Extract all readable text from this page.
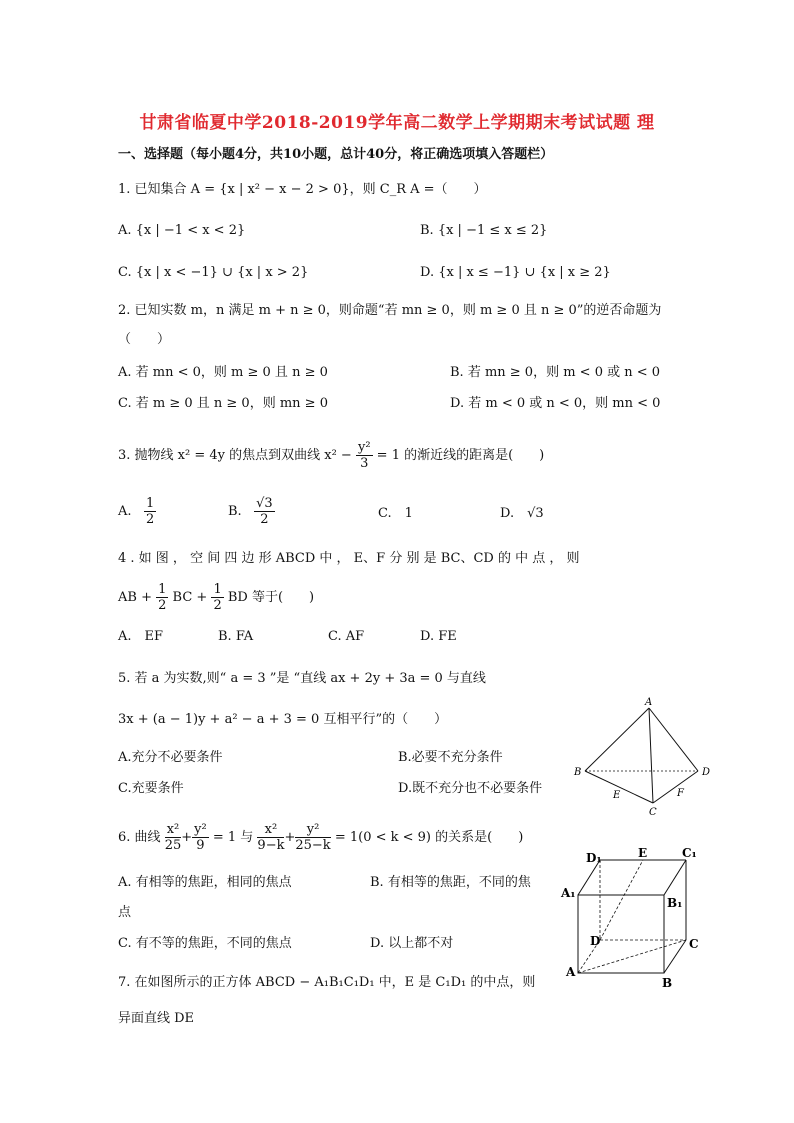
甘肃省临夏中学2018-2019学年高二数学上学期期末考试试题 理
一、选择题（每小题4分，共10小题，总计40分，将正确选项填入答题栏）
1. 已知集合 A = {x | x² − x − 2 > 0}，则 C_R A =（　　）
A. {x | −1 < x < 2}	B. {x | −1 ≤ x ≤ 2}
C. {x | x < −1} ∪ {x | x > 2}	D. {x | x ≤ −1} ∪ {x | x ≥ 2}
2. 已知实数 m，n 满足 m + n ≥ 0，则命题“若 mn ≥ 0，则 m ≥ 0 且 n ≥ 0”的逆否命题为
（　　）
A. 若 mn < 0，则 m ≥ 0 且 n ≥ 0	B. 若 mn ≥ 0，则 m < 0 或 n < 0
C. 若 m ≥ 0 且 n ≥ 0，则 mn ≥ 0	D. 若 m < 0 或 n < 0，则 mn < 0
3. 抛物线 x² = 4y 的焦点到双曲线 $x^2 - \frac{\text{y²}}{3} = 1$ 的渐近线的距离是(　　)
A. $\frac{1}{2}$	B. $\frac{√3}{2}$	C.　1	D.　√3
4 . 如 图 ， 空 间 四 边 形 ABCD 中 ， E、F 分 别 是 BC、CD 的 中 点 ， 则
AB + $\frac{1}{2}$ BC + $\frac{1}{2}$ BD 等于(　　)
A.　EF	B. FA	C. AF	D. FE
5. 若 a 为实数,则“ a = 3 ”是 “直线 ax + 2y + 3a = 0 与直线
3x + (a − 1)y + a² − a + 3 = 0 互相平行”的（　　）
A.充分不必要条件	B.必要不充分条件
C.充要条件	D.既不充分也不必要条件
6. 曲线 $\frac{\text{x²}}{25} + \frac{\text{y²}}{9} = 1$ 与 $\frac{\text{x²}}{9-k} + \frac{\text{y²}}{25-k} = 1(0 < k < 9)$ 的关系是(　　)
A. 有相等的焦距，相同的焦点	B. 有相等的焦距，不同的焦
点
C. 有不等的焦距，不同的焦点	D. 以上都不对
7. 在如图所示的正方体 ABCD − A₁B₁C₁D₁ 中，E 是 C₁D₁ 的中点，则
异面直线 DE
A
B
C
D
E	F
D₁	E	C₁
A₁
B₁
D	C
A
B
